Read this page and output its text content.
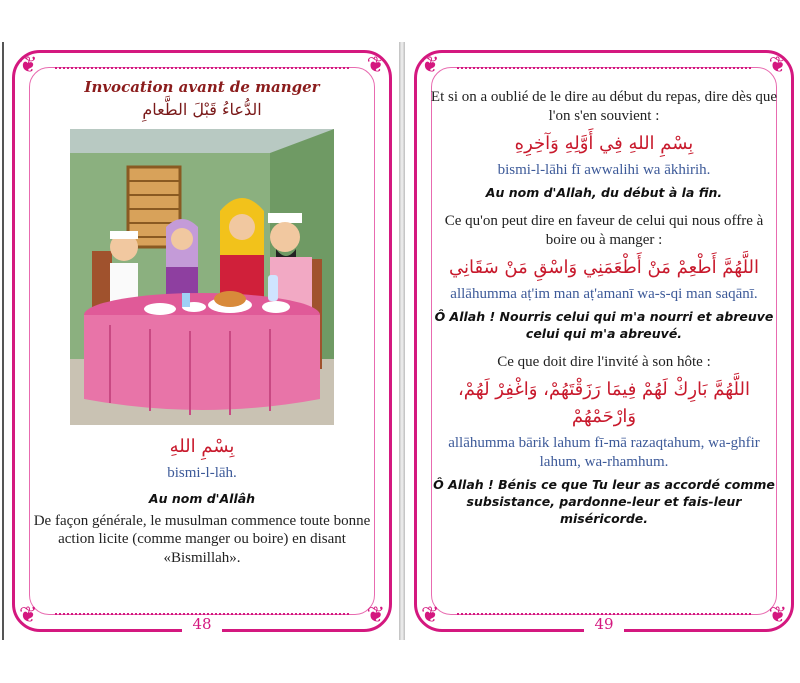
❦	❦
❦	❦
48
Invocation avant de manger
الدُّعاءُ قَبْلَ الطَّعامِ
بِسْمِ اللهِ
bismi-l-lāh.
Au nom d'Allâh
De façon générale, le musulman commence toute bonne action licite (comme manger ou boire) en disant «Bismillah».
❦	❦
❦	❦
49
Et si on a oublié de le dire au début du repas, dire dès que l'on s'en souvient :
بِسْمِ اللهِ فِي أَوَّلِهِ وَآخِرِهِ
bismi-l-lāhi fī awwalihi wa ākhirih.
Au nom d'Allah, du début à la fin.
Ce qu'on peut dire en faveur de celui qui nous offre à boire ou à manger :
اللَّهُمَّ أَطْعِمْ مَنْ أَطْعَمَنِي وَاسْقِ مَنْ سَقَانِي
allāhumma aṭ'im man aṭ'amanī wa-s-qi man saqānī.
Ô Allah ! Nourris celui qui m'a nourri et abreuve celui qui m'a abreuvé.
Ce que doit dire l'invité à son hôte :
اللَّهُمَّ بَارِكْ لَهُمْ فِيمَا رَزَقْتَهُمْ، وَاغْفِرْ لَهُمْ، وَارْحَمْهُمْ
allāhumma bārik lahum fī-mā razaqtahum, wa-ghfir lahum, wa-rhamhum.
Ô Allah ! Bénis ce que Tu leur as accordé comme subsistance, pardonne-leur et fais-leur miséricorde.
